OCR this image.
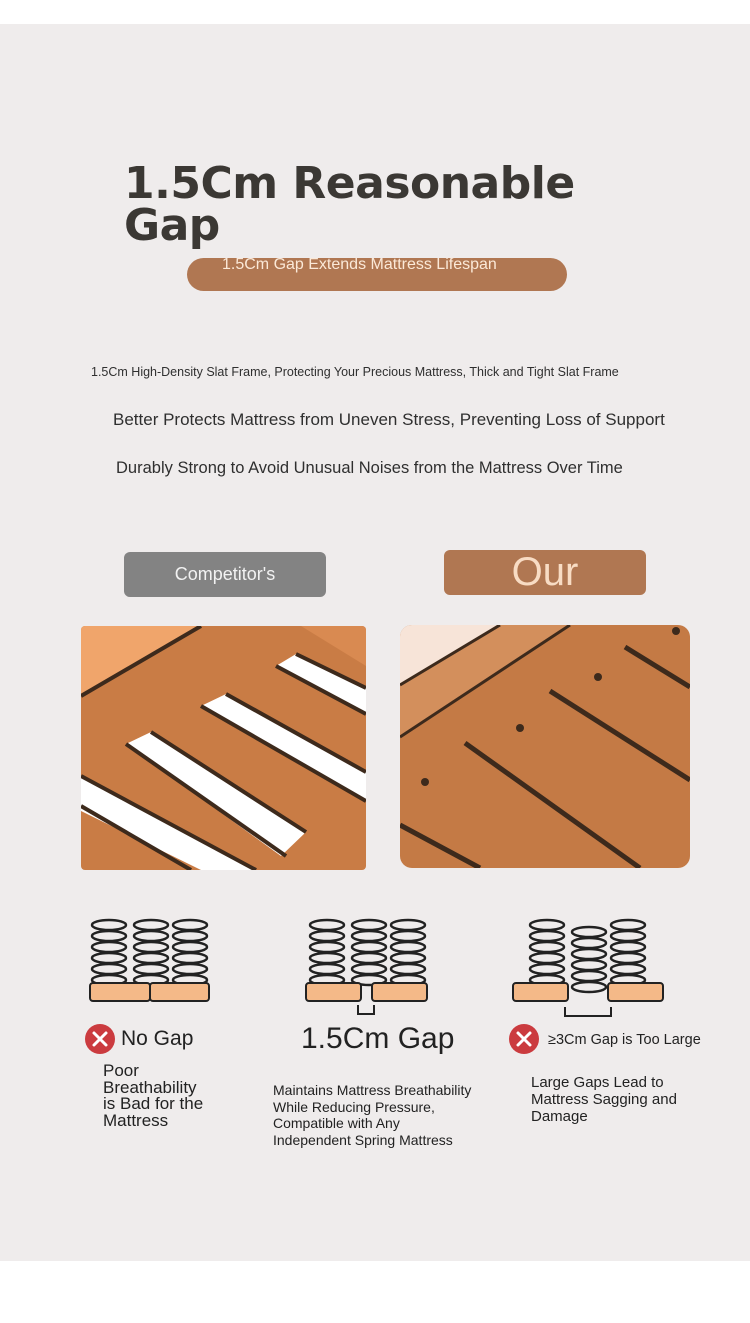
1.5Cm Reasonable Gap
1.5Cm Gap Extends Mattress Lifespan
1.5Cm High-Density Slat Frame, Protecting Your Precious Mattress, Thick and Tight Slat Frame
Better Protects Mattress from Uneven Stress, Preventing Loss of Support
Durably Strong to Avoid Unusual Noises from the Mattress Over Time
Competitor's	Our
No Gap	1.5Cm Gap	≥3Cm Gap is Too Large
Poor Breathability is Bad for the Mattress
Maintains Mattress Breathability While Reducing Pressure, Compatible with Any Independent Spring Mattress
Large Gaps Lead to Mattress Sagging and Damage
